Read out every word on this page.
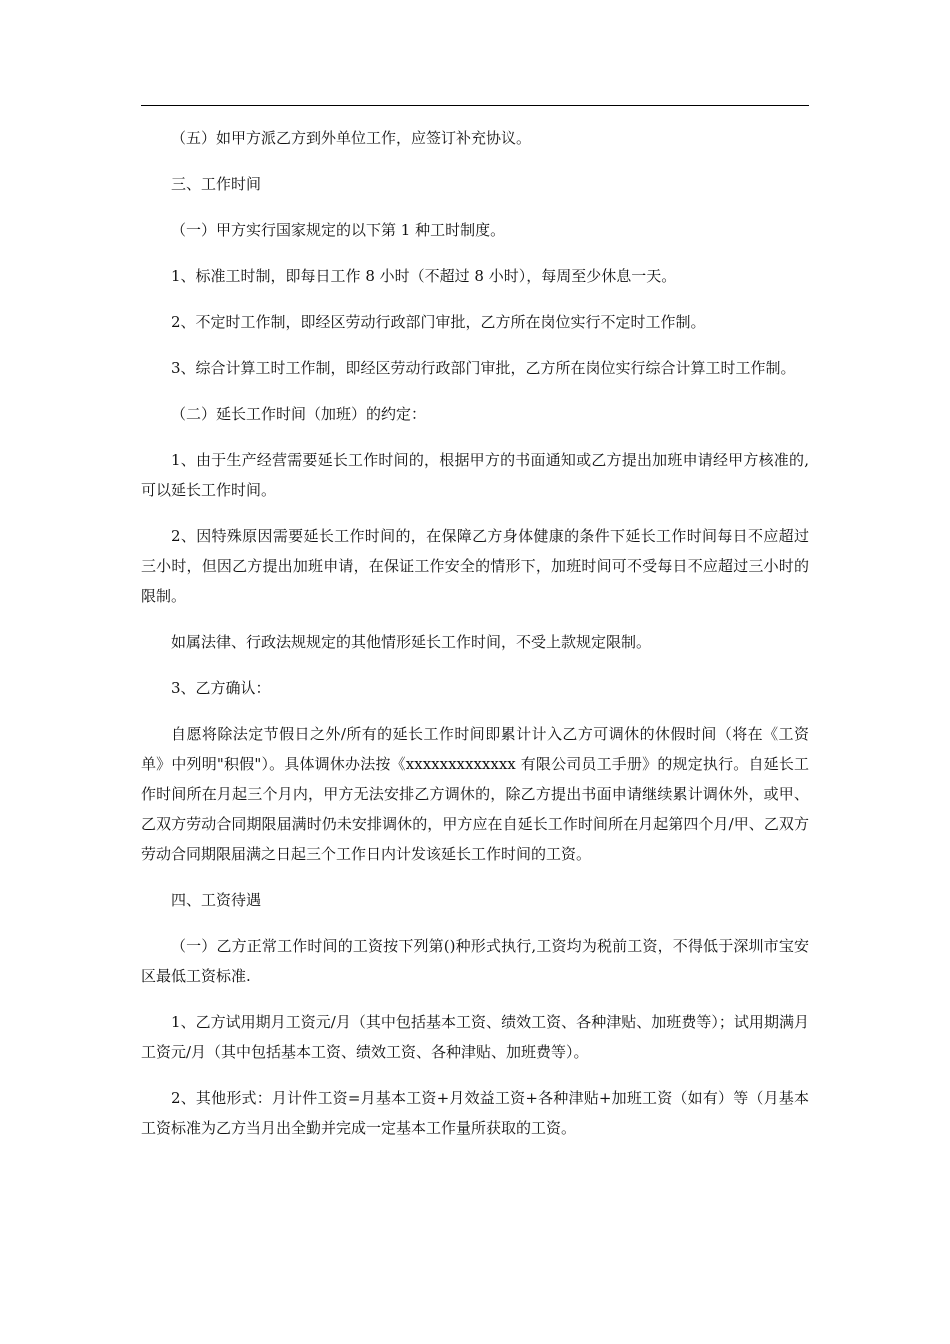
（五）如甲方派乙方到外单位工作，应签订补充协议。

三、工作时间

（一）甲方实行国家规定的以下第 1 种工时制度。

1、标准工时制，即每日工作 8 小时（不超过 8 小时），每周至少休息一天。

2、不定时工作制，即经区劳动行政部门审批，乙方所在岗位实行不定时工作制。

3、综合计算工时工作制，即经区劳动行政部门审批，乙方所在岗位实行综合计算工时工作制。

（二）延长工作时间（加班）的约定：

1、由于生产经营需要延长工作时间的，根据甲方的书面通知或乙方提出加班申请经甲方核准的,可以延长工作时间。

2、因特殊原因需要延长工作时间的，在保障乙方身体健康的条件下延长工作时间每日不应超过三小时，但因乙方提出加班申请，在保证工作安全的情形下，加班时间可不受每日不应超过三小时的限制。

如属法律、行政法规规定的其他情形延长工作时间，不受上款规定限制。

3、乙方确认：

自愿将除法定节假日之外/所有的延长工作时间即累计计入乙方可调休的休假时间（将在《工资单》中列明"积假"）。具体调休办法按《xxxxxxxxxxxxx 有限公司员工手册》的规定执行。自延长工作时间所在月起三个月内，甲方无法安排乙方调休的，除乙方提出书面申请继续累计调休外，或甲、乙双方劳动合同期限届满时仍未安排调休的，甲方应在自延长工作时间所在月起第四个月/甲、乙双方劳动合同期限届满之日起三个工作日内计发该延长工作时间的工资。

四、工资待遇

（一）乙方正常工作时间的工资按下列第()种形式执行,工资均为税前工资，不得低于深圳市宝安区最低工资标准.

1、乙方试用期月工资元/月（其中包括基本工资、绩效工资、各种津贴、加班费等）；试用期满月工资元/月（其中包括基本工资、绩效工资、各种津贴、加班费等）。

2、其他形式：月计件工资=月基本工资+月效益工资+各种津贴+加班工资（如有）等（月基本工资标准为乙方当月出全勤并完成一定基本工作量所获取的工资。
